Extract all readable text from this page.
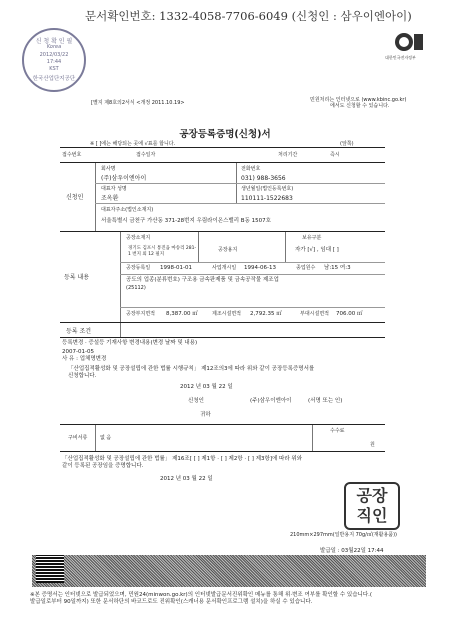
문서확인번호: 1332-4058-7706-6049 (신청인 : 삼우이엔아이)
신 청 확 인 필
Korea
2012/03/22
17:44
KST
한국산업단지공단
대한민국전자정부
[별지 제8호의2서식 <개정 2011.10.19>	민원처리는 인터넷으로 (www.kbinc.go.kr)
에서도 신청할 수 있습니다.
공장등록증명(신청)서
※ [ ]에는 해당되는 곳에 √표를 합니다.	(앞쪽)
접수번호	접수일자	처리기간	즉시
신청인
회사명
(주)삼우이엔아이
전화번호
031) 988-3656
대표자 성명
조옥환
생년월일(법인등록번호)
110111-1522683
대표자주소(법인소재지)
서울특별시 금천구 가산동 371-28번지 우림라이온스밸리 B동 1507호
등록 내용
공장소재지
경기도 김포시 통진읍 마송리 281-1 번지 외 12 필지
공장용지
보유구분
자가 [√] , 임대 [ ]
공장등록일 1998-01-01	사업개시일 1994-06-13	종업원수 남:15 여:3
공도의 업종(분류번호) 구조용 금속판제품 및 금속공작물 제조업
(25112)
공장부지면적 8,387.00 ㎡	제조시설면적 2,792.35 ㎡	부대시설면적 706.00 ㎡
등록 조건
등록변경 · 증설등 기재사항 변경내용(변경 날짜 및 내용)
2007-01-05
사 유 : 업체명변경
「산업집적활성화 및 공장설립에 관한 법률 시행규칙」 제12조의3에 따라 위와 같이 공장등록증명서를
신청합니다.
2012 년 03 월 22 일
신청인	(주)삼우이엔아이	(서명 또는 인)
귀하
구비서류	없 음
수수료
원
「산업집적활성화 및 공장설립에 관한 법률」 제16조[ [ ] 제1항 · [ ] 제2항 · [ ] 제3항]에 따라 위와
같이 등록된 공장임을 증명합니다.
2012 년 03 월 22 일
공장 직인
210mm×297mm(일반용지 70g/㎡(재활용품))
발급일 : 03월22일 17:44
※본 증명서는 인터넷으로 발급되었으며, 민원24(minwon.go.kr)의 인터넷발급문서진위확인 메뉴를 통해 위·변조 여부를 확인할 수 있습니다.(
발급일로부터 90일까지) 또한 문서하단의 바코드로도 진위확인(스캐너용 문서확인프로그램 설치)을 하실 수 있습니다.
